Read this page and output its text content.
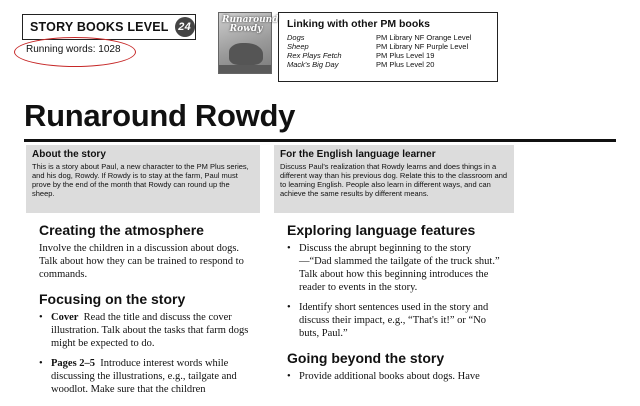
STORY BOOKS LEVEL 24
Running words: 1028
Runaround
Rowdy	Linking with other PM books
Dogs	PM Library NF Orange Level
Sheep	PM Library NF Purple Level
Rex Plays Fetch	PM Plus Level 19
Mack's Big Day	PM Plus Level 20
Runaround Rowdy
About the story

This is a story about Paul, a new character to the PM Plus series, and his dog, Rowdy. If Rowdy is to stay at the farm, Paul must prove by the end of the month that Rowdy can round up the sheep.

For the English language learner

Discuss Paul's realization that Rowdy learns and does things in a different way than his previous dog. Relate this to the classroom and to learning English. People also learn in different ways, and can achieve the same results by different means.

Creating the atmosphere

Involve the children in a discussion about dogs. Talk about how they can be trained to respond to commands.

Focusing on the story
• Cover Read the title and discuss the cover illustration. Talk about the tasks that farm dogs might be expected to do.
• Pages 2–5 Introduce interest words while discussing the illustrations, e.g., tailgate and woodlot. Make sure that the children
Exploring language features
• Discuss the abrupt beginning to the story—“Dad slammed the tailgate of the truck shut.” Talk about how this beginning introduces the reader to events in the story.
• Identify short sentences used in the story and discuss their impact, e.g., “That's it!” or “No buts, Paul.”
Going beyond the story
• Provide additional books about dogs. Have
